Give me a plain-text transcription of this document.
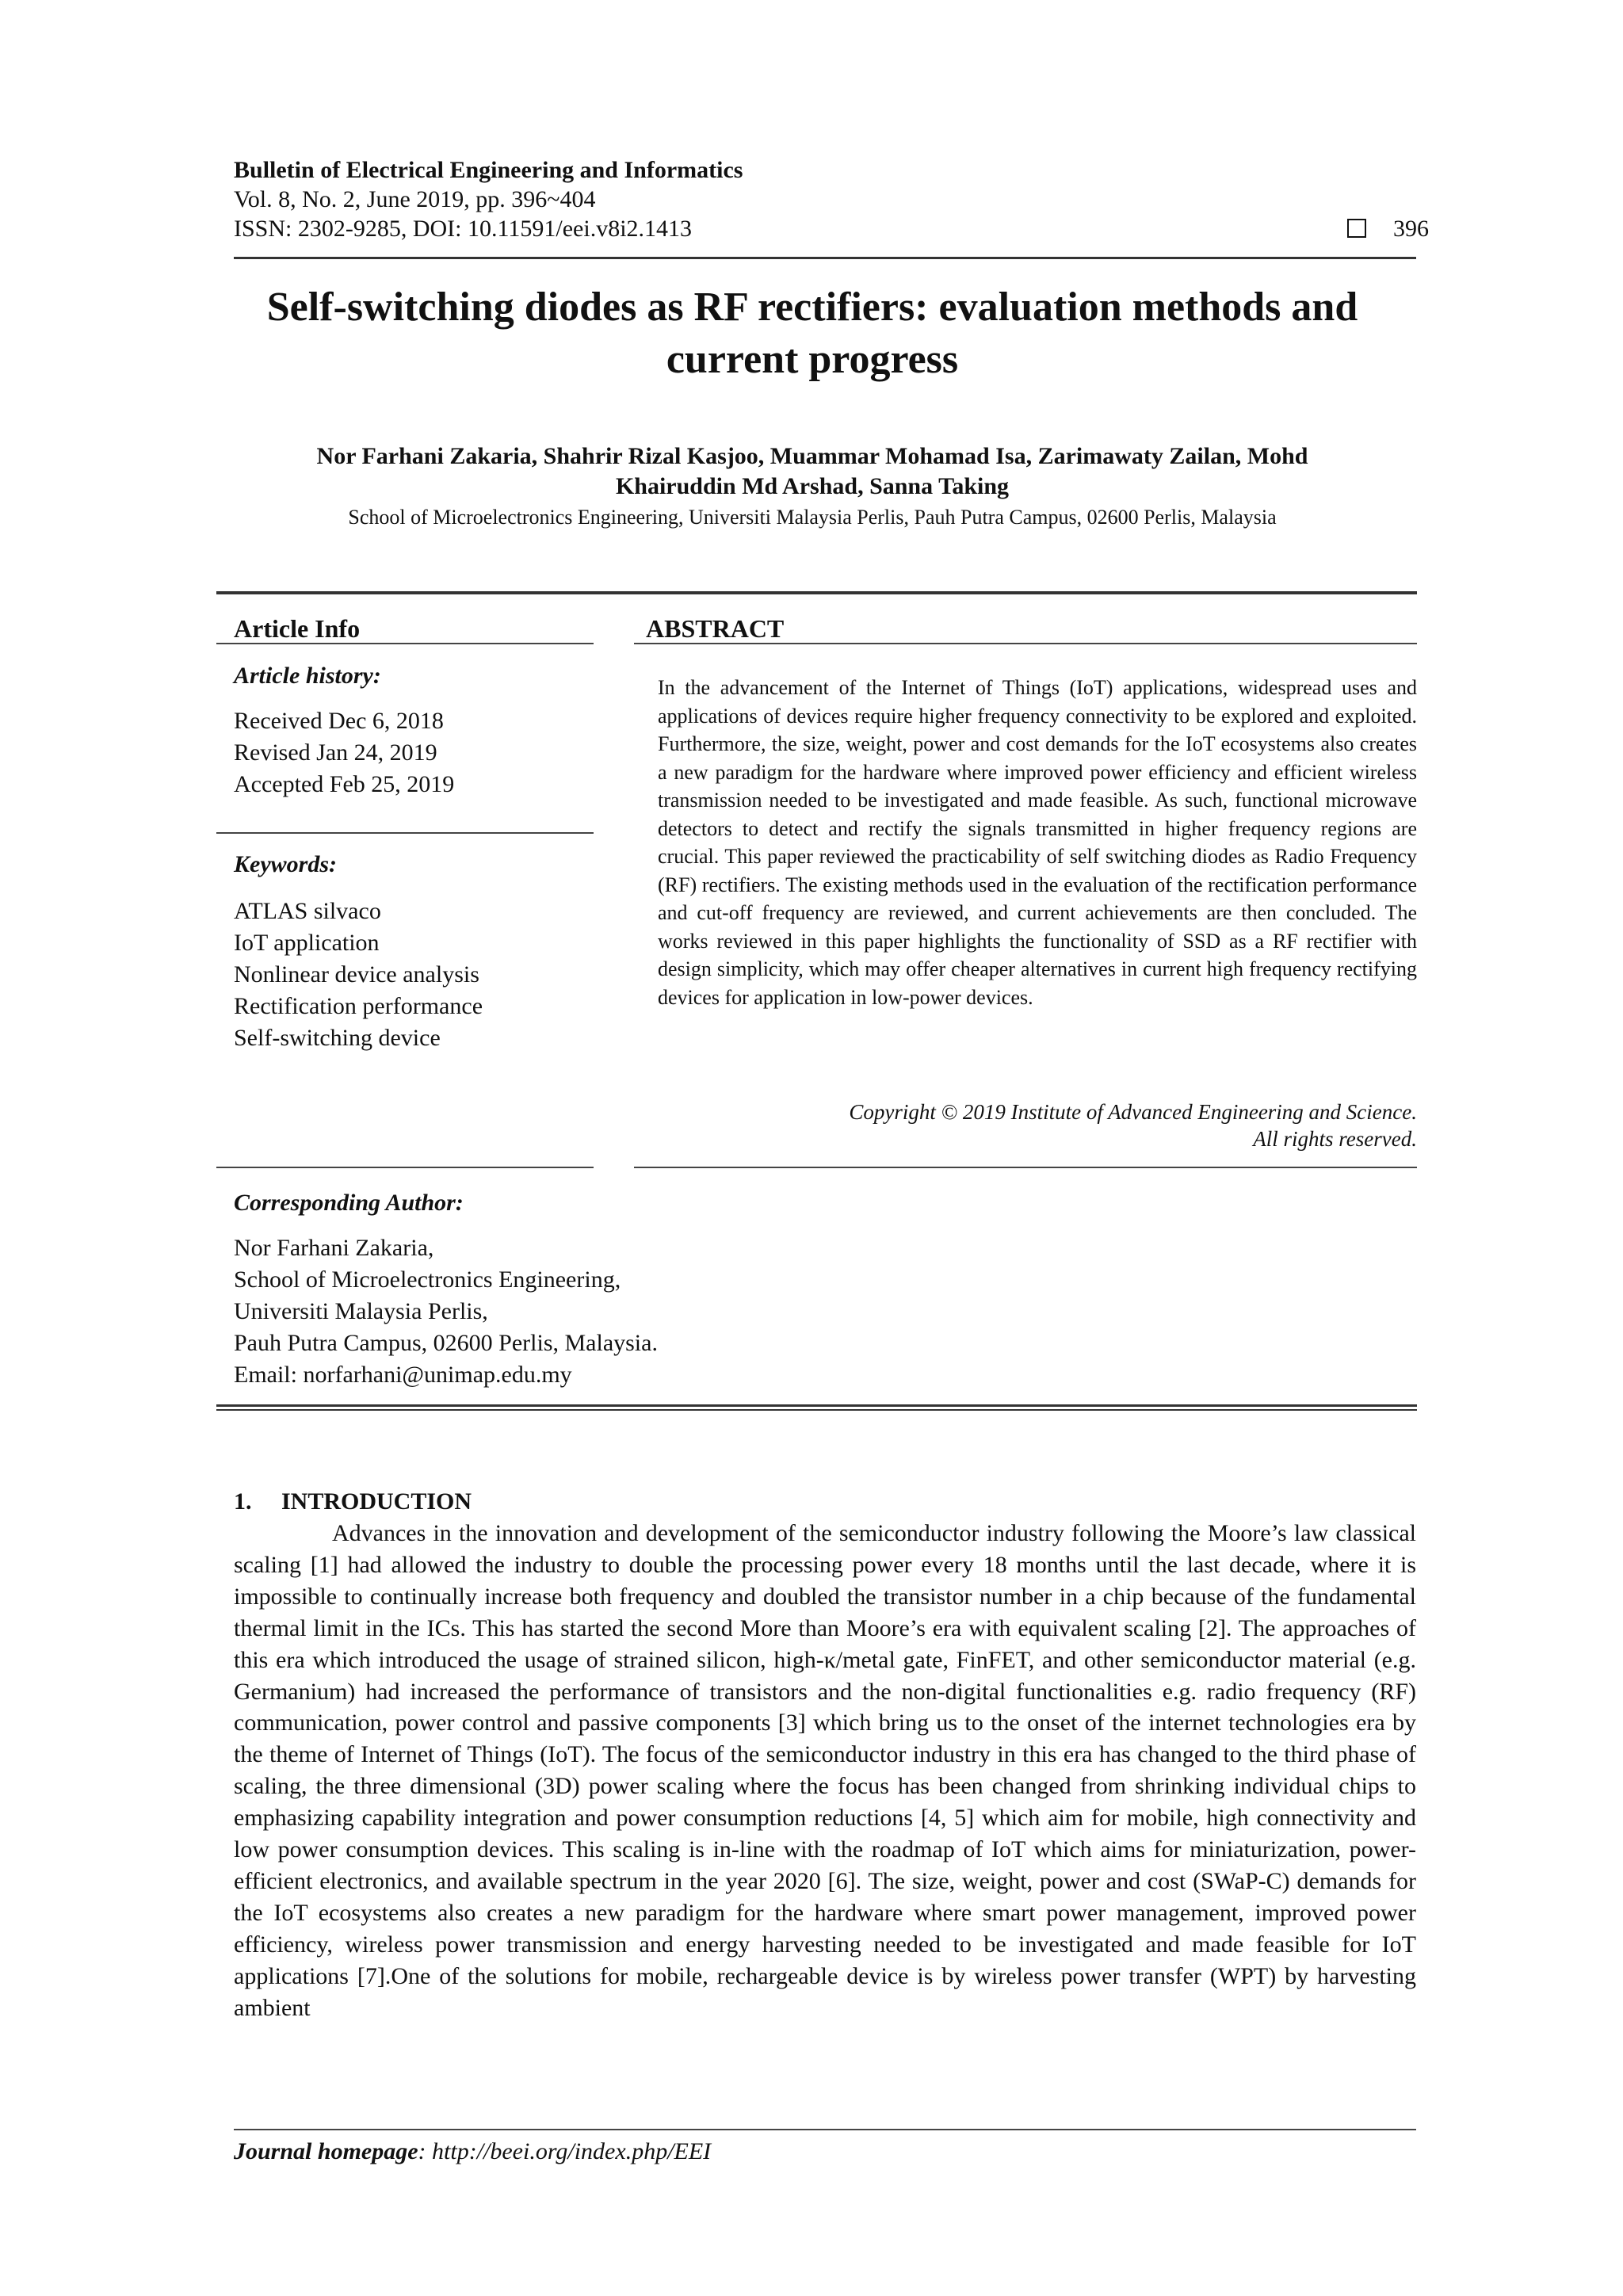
Bulletin of Electrical Engineering and Informatics
Vol. 8, No. 2, June 2019, pp. 396~404
ISSN: 2302-9285, DOI: 10.11591/eei.v8i2.1413	396
Self-switching diodes as RF rectifiers: evaluation methods and
current progress
Nor Farhani Zakaria, Shahrir Rizal Kasjoo, Muammar Mohamad Isa, Zarimawaty Zailan, Mohd
Khairuddin Md Arshad, Sanna Taking
School of Microelectronics Engineering, Universiti Malaysia Perlis, Pauh Putra Campus, 02600 Perlis, Malaysia
Article Info
Article history:
Received Dec 6, 2018
Revised Jan 24, 2019
Accepted Feb 25, 2019
Keywords:
ATLAS silvaco
IoT application
Nonlinear device analysis
Rectification performance
Self-switching device
ABSTRACT
In the advancement of the Internet of Things (IoT) applications, widespread uses and applications of devices require higher frequency connectivity to be explored and exploited. Furthermore, the size, weight, power and cost demands for the IoT ecosystems also creates a new paradigm for the hardware where improved power efficiency and efficient wireless transmission needed to be investigated and made feasible. As such, functional microwave detectors to detect and rectify the signals transmitted in higher frequency regions are crucial. This paper reviewed the practicability of self switching diodes as Radio Frequency (RF) rectifiers. The existing methods used in the evaluation of the rectification performance and cut-off frequency are reviewed, and current achievements are then concluded. The works reviewed in this paper highlights the functionality of SSD as a RF rectifier with design simplicity, which may offer cheaper alternatives in current high frequency rectifying devices for application in low-power devices.
Copyright © 2019 Institute of Advanced Engineering and Science.
All rights reserved.
Corresponding Author:
Nor Farhani Zakaria,
School of Microelectronics Engineering,
Universiti Malaysia Perlis,
Pauh Putra Campus, 02600 Perlis, Malaysia.
Email: norfarhani@unimap.edu.my
1.     INTRODUCTION

Advances in the innovation and development of the semiconductor industry following the Moore’s law classical scaling [1] had allowed the industry to double the processing power every 18 months until the last decade, where it is impossible to continually increase both frequency and doubled the transistor number in a chip because of the fundamental thermal limit in the ICs. This has started the second More than Moore’s era with equivalent scaling [2]. The approaches of this era which introduced the usage of strained silicon, high-κ/metal gate, FinFET, and other semiconductor material (e.g. Germanium) had increased the performance of transistors and the non-digital functionalities e.g. radio frequency (RF) communication, power control and passive components [3] which bring us to the onset of the internet technologies era by the theme of Internet of Things (IoT). The focus of the semiconductor industry in this era has changed to the third phase of scaling, the three dimensional (3D) power scaling where the focus has been changed from shrinking individual chips to emphasizing capability integration and power consumption reductions [4, 5] which aim for mobile, high connectivity and low power consumption devices. This scaling is in-line with the roadmap of IoT which aims for miniaturization, power-efficient electronics, and available spectrum in the year 2020 [6]. The size, weight, power and cost (SWaP-C) demands for the IoT ecosystems also creates a new paradigm for the hardware where smart power management, improved power efficiency, wireless power transmission and energy harvesting needed to be investigated and made feasible for IoT applications [7].One of the solutions for mobile, rechargeable device is by wireless power transfer (WPT) by harvesting ambient

Journal homepage: http://beei.org/index.php/EEI
